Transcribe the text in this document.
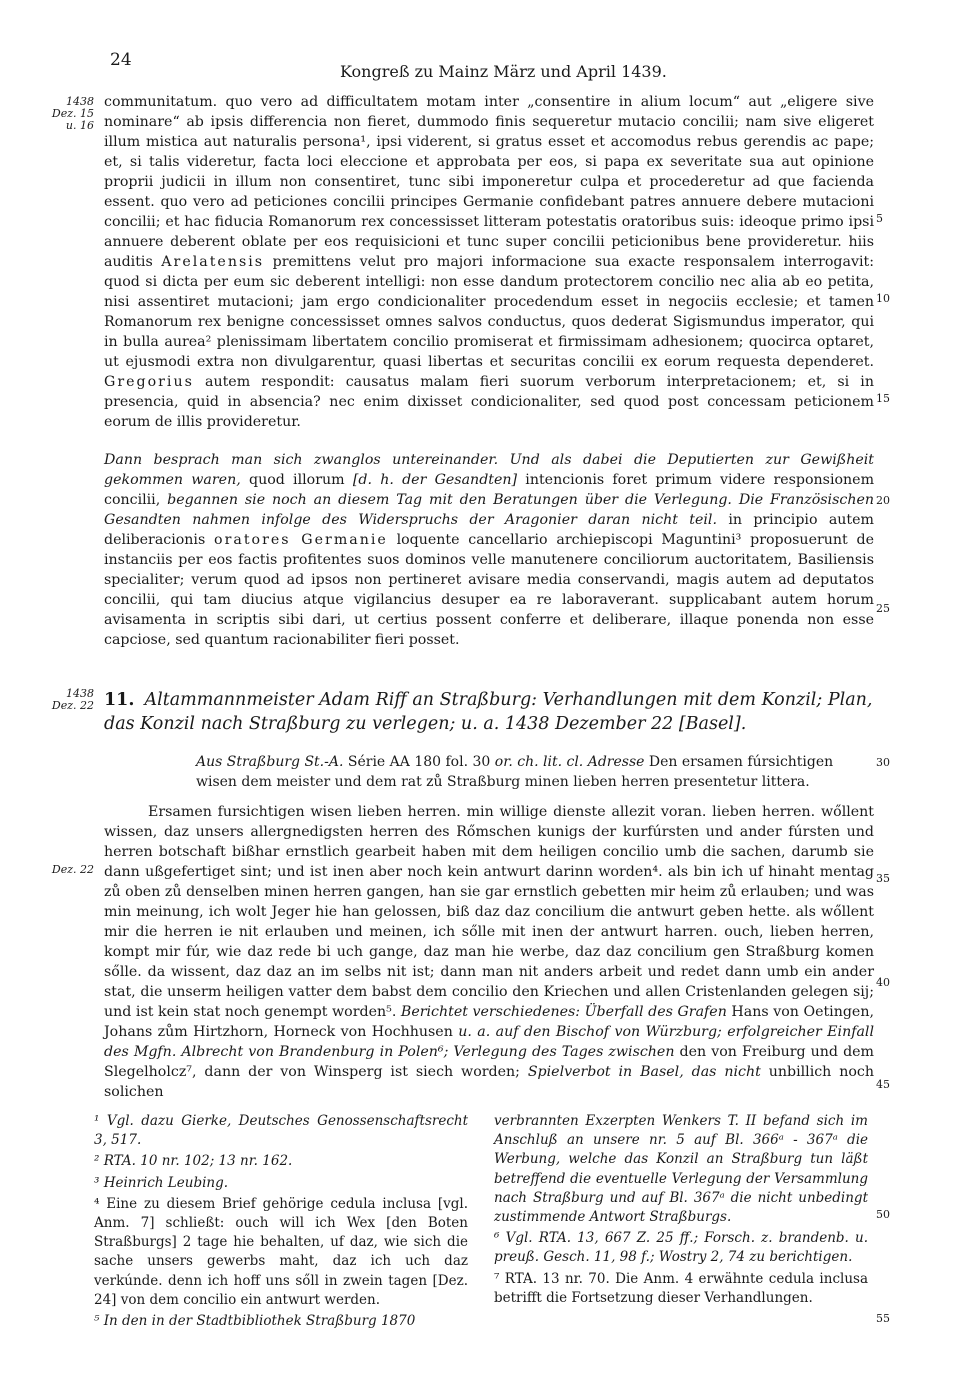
24
Kongreß zu Mainz März und April 1439.
1438 Dez. 15 u. 16
1438 Dez. 22
Dez. 22
5
10
15
20
25
30
35
40
45
50
55
communitatum. quo vero ad difficultatem motam inter „consentire in alium locum“ aut „eligere sive nominare“ ab ipsis differencia non fieret, dummodo finis sequeretur mutacio concilii; nam sive eligeret illum mistica aut naturalis persona¹, ipsi viderent, si gratus esset et accomodus rebus gerendis ac pape; et, si talis videretur, facta loci eleccione et approbata per eos, si papa ex severitate sua aut opinione proprii judicii in illum non consentiret, tunc sibi imponeretur culpa et procederetur ad que facienda essent. quo vero ad peticiones concilii principes Germanie confidebant patres annuere debere mutacioni concilii; et hac fiducia Romanorum rex concessisset litteram potestatis oratoribus suis: ideoque primo ipsi annuere deberent oblate per eos requisicioni et tunc super concilii peticionibus bene provideretur. hiis auditis Arelatensis premittens velut pro majori informacione sua exacte responsalem interrogavit: quod si dicta per eum sic deberent intelligi: non esse dandum protectorem concilio nec alia ab eo petita, nisi assentiret mutacioni; jam ergo condicionaliter procedendum esset in negociis ecclesie; et tamen Romanorum rex benigne concessisset omnes salvos conductus, quos dederat Sigismundus imperator, qui in bulla aurea² plenissimam libertatem concilio promiserat et firmissimam adhesionem; quocirca optaret, ut ejusmodi extra non divulgarentur, quasi libertas et securitas concilii ex eorum requesta dependeret. Gregorius autem respondit: causatus malam fieri suorum verborum interpretacionem; et, si in presencia, quid in absencia? nec enim dixisset condicionaliter, sed quod post concessam peticionem eorum de illis provideretur.
Dann besprach man sich zwanglos untereinander. Und als dabei die Deputierten zur Gewißheit gekommen waren, quod illorum [d. h. der Gesandten] intencionis foret primum videre responsionem concilii, begannen sie noch an diesem Tag mit den Beratungen über die Verlegung. Die Französischen Gesandten nahmen infolge des Widerspruchs der Aragonier daran nicht teil. in principio autem deliberacionis oratores Germanie loquente cancellario archiepiscopi Maguntini³ proposuerunt de instanciis per eos factis profitentes suos dominos velle manutenere conciliorum auctoritatem, Basiliensis specialiter; verum quod ad ipsos non pertineret avisare media conservandi, magis autem ad deputatos concilii, qui tam diucius atque vigilancius desuper ea re laboraverant. supplicabant autem horum avisamenta in scriptis sibi dari, ut certius possent conferre et deliberare, illaque ponenda non esse capciose, sed quantum racionabiliter fieri posset.
11. Altammannmeister Adam Riff an Straßburg: Verhandlungen mit dem Konzil; Plan, das Konzil nach Straßburg zu verlegen; u. a. 1438 Dezember 22 [Basel].
Aus Straßburg St.-A. Série AA 180 fol. 30 or. ch. lit. cl. Adresse Den ersamen fúrsichtigen wisen dem meister und dem rat zů Straßburg minen lieben herren presentetur littera.
Ersamen fursichtigen wisen lieben herren. min willige dienste allezit voran. lieben herren. wőllent wissen, daz unsers allergnedigsten herren des Rőmschen kunigs der kurfúrsten und ander fúrsten und herren botschaft bißhar ernstlich gearbeit haben mit dem heiligen concilio umb die sachen, darumb sie dann ußgefertiget sint; und ist inen aber noch kein antwurt darinn worden⁴. als bin ich uf hinaht mentag zů oben zů denselben minen herren gangen, han sie gar ernstlich gebetten mir heim zů erlauben; und was min meinung, ich wolt Jeger hie han gelossen, biß daz daz concilium die antwurt geben hette. als wőllent mir die herren ie nit erlauben und meinen, ich sőlle mit inen der antwurt harren. ouch, lieben herren, kompt mir fúr, wie daz rede bi uch gange, daz man hie werbe, daz daz concilium gen Straßburg komen sőlle. da wissent, daz daz an im selbs nit ist; dann man nit anders arbeit und redet dann umb ein ander stat, die unserm heiligen vatter dem babst dem concilio den Kriechen und allen Cristenlanden gelegen sij; und ist kein stat noch genempt worden⁵. Berichtet verschiedenes: Überfall des Grafen Hans von Oetingen, Johans zům Hirtzhorn, Horneck von Hochhusen u. a. auf den Bischof von Würzburg; erfolgreicher Einfall des Mgfn. Albrecht von Brandenburg in Polen⁶; Verlegung des Tages zwischen den von Freiburg und dem Slegelholcz⁷, dann der von Winsperg ist siech worden; Spielverbot in Basel, das nicht unbillich noch solichen

¹ Vgl. dazu Gierke, Deutsches Genossenschaftsrecht 3, 517.

² RTA. 10 nr. 102; 13 nr. 162.

³ Heinrich Leubing.

⁴ Eine zu diesem Brief gehörige cedula inclusa [vgl. Anm. 7] schließt: ouch will ich Wex [den Boten Straßburgs] 2 tage hie behalten, uf daz, wie sich die sache unsers gewerbs maht, daz ich uch daz verkúnde. denn ich hoff uns sőll in zwein tagen [Dez. 24] von dem concilio ein antwurt werden.

⁵ In den in der Stadtbibliothek Straßburg 1870

verbrannten Exzerpten Wenkers T. II befand sich im Anschluß an unsere nr. 5 auf Bl. 366ᵃ - 367ᵃ die Werbung, welche das Konzil an Straßburg tun läßt betreffend die eventuelle Verlegung der Versammlung nach Straßburg und auf Bl. 367ᵃ die nicht unbedingt zustimmende Antwort Straßburgs.

⁶ Vgl. RTA. 13, 667 Z. 25 ff.; Forsch. z. brandenb. u. preuß. Gesch. 11, 98 f.; Wostry 2, 74 zu berichtigen.

⁷ RTA. 13 nr. 70. Die Anm. 4 erwähnte cedula inclusa betrifft die Fortsetzung dieser Verhandlungen.
